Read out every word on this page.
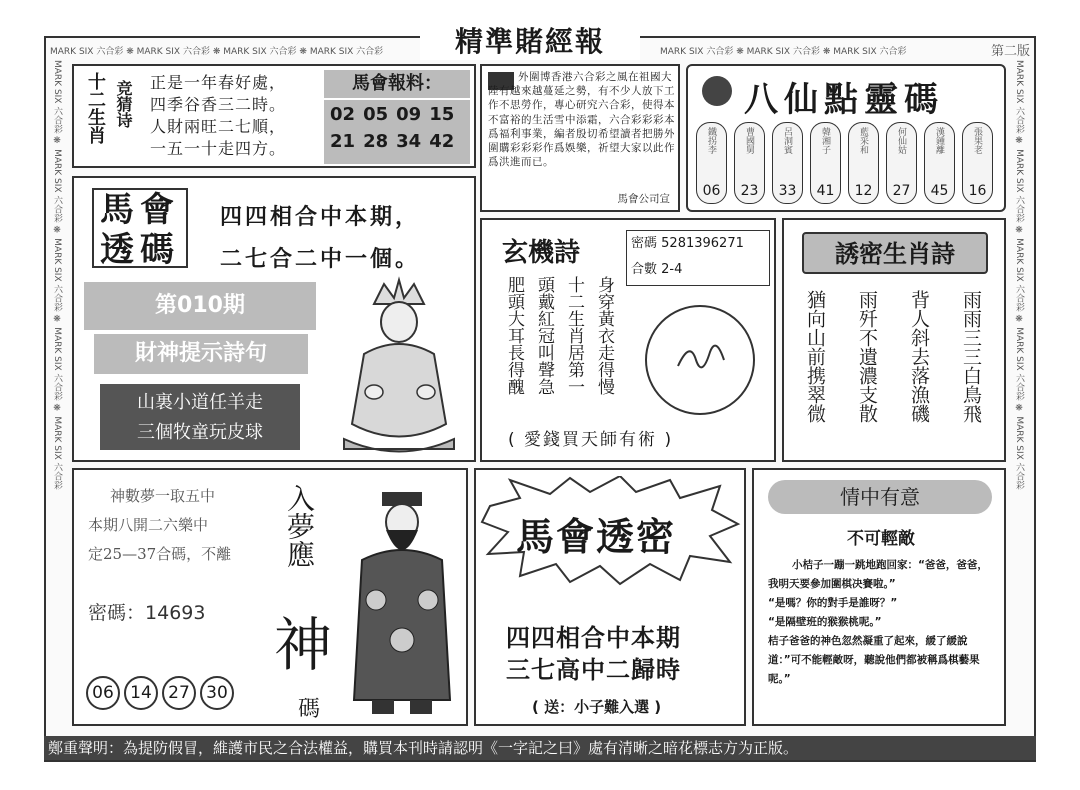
MARK SIX 六合彩 ❋ MARK SIX 六合彩 ❋ MARK SIX 六合彩 ❋ MARK SIX 六合彩	MARK SIX 六合彩 ❋ MARK SIX 六合彩 ❋ MARK SIX 六合彩
MARK SIX 六合彩 ❋ MARK SIX 六合彩 ❋ MARK SIX 六合彩 ❋ MARK SIX 六合彩 ❋ MARK SIX 六合彩
MARK SIX 六合彩 ❋ MARK SIX 六合彩 ❋ MARK SIX 六合彩 ❋ MARK SIX 六合彩 ❋ MARK SIX 六合彩
精準賭經報	第二版
十二生肖 竞猜诗 正是一年春好處，
四季谷香三二時。
人財兩旺二七順，
一五一十走四方。
馬會報料：
02 05 09 15
21 28 34 42
外圍博香港六合彩之風在祖國大陸有越來越蔓延之勢，有不少人放下工作不思勞作，專心研究六合彩，使得本不富裕的生活雪中添霜，六合彩彩彩本爲福利事業，編者殷切希望讀者把勝外圍購彩彩彩作爲娛樂，祈望大家以此作爲洪進而已。
馬會公司宣
八仙點靈碼
鐵拐李
06
曹國舅
23
呂洞賓
33
韓湘子
41
藍采和
12
何仙姑
27
漢鍾離
45
張果老
16
馬會透碼
四四相合中本期，
二七合二中一個。
第010期
財神提示詩句
山裏小道任羊走
三個牧童玩皮球
玄機詩	密碼 5281396271
合數 2-4
身穿黃衣走得慢
十二生肖居第一
頭戴紅冠叫聲急
肥頭大耳長得醜
( 愛錢買天師有術 )
誘密生肖詩
雨雨三三白鳥飛
背人斜去落漁磯
雨歼不遺濃支散
猶向山前携翠微
神數夢一取五中
本期八開二六樂中
定25—37合碼，不離
密碼：14693
06 14 27 30
入夢應
神
碼
馬會透密
四四相合中本期
三七高中二歸時
( 送：小子難入選 )
情中有意
不可輕敵
小桔子一蹦一跳地跑回家：“爸爸，爸爸，我明天要參加圍棋决賽啦。”
“是嗎？你的對手是誰呀？”
“是隔壁班的猴猴桃呢。”
桔子爸爸的神色忽然凝重了起來，緩了緩說道：”可不能輕敵呀，聽說他們都被稱爲棋藝果呢。”
鄭重聲明：為提防假冒，維護市民之合法權益，購買本刊時請認明《一字記之曰》處有清晰之暗花標志方为正版。
